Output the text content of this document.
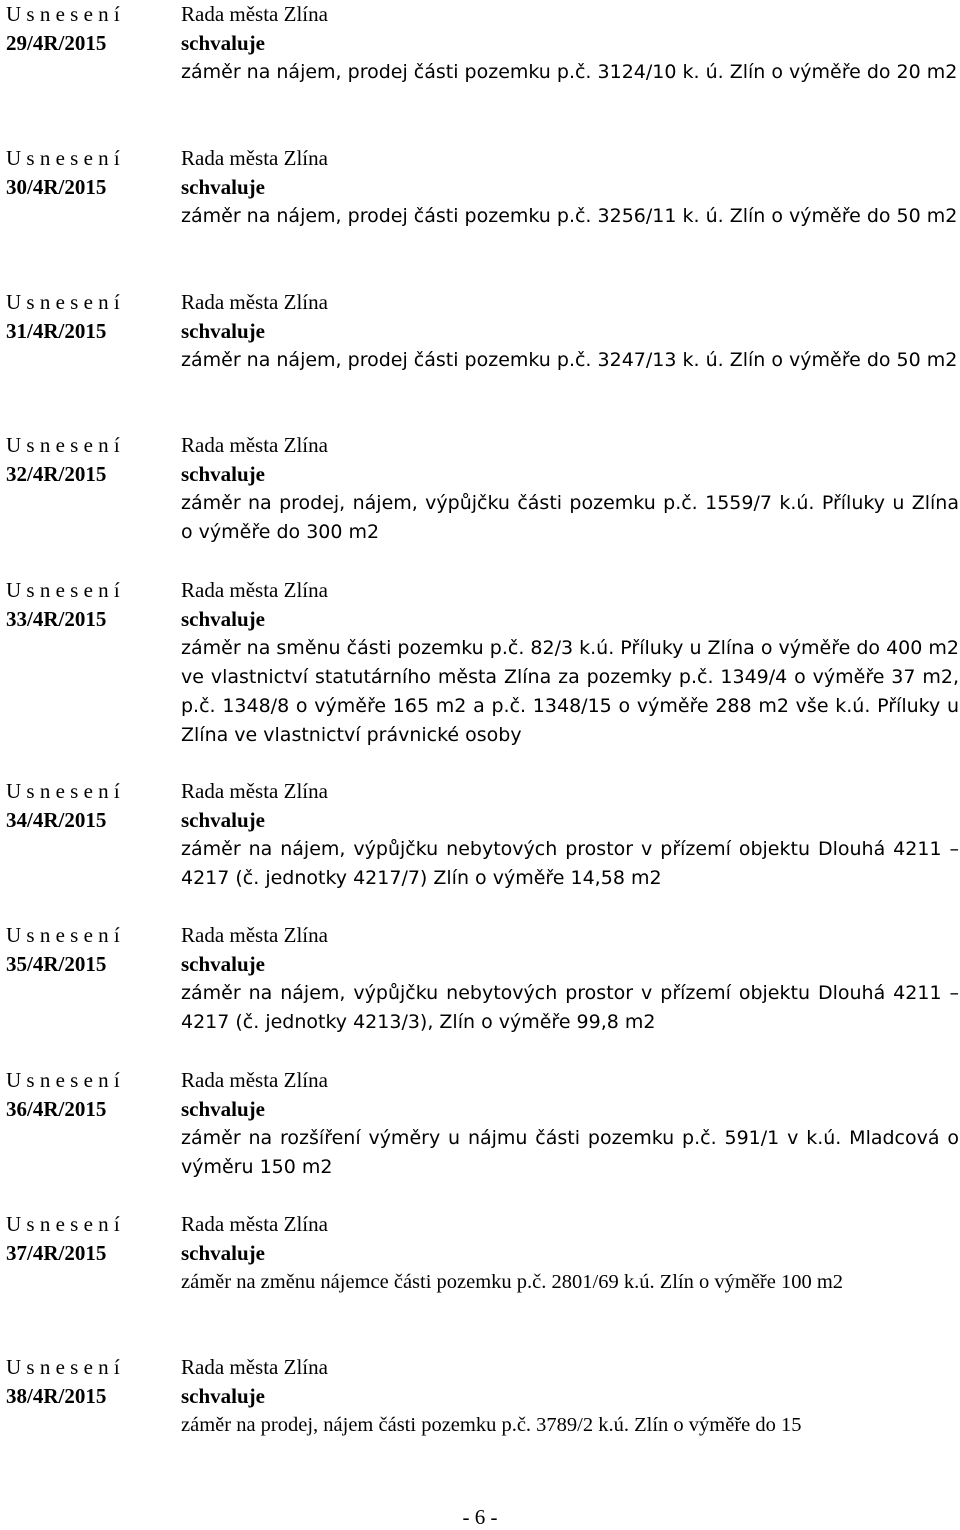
U s n e s e n í
29/4R/2015
Rada města Zlína
schvaluje
záměr na nájem, prodej části pozemku p.č. 3124/10 k. ú. Zlín o výměře do 20 m2
U s n e s e n í
30/4R/2015
Rada města Zlína
schvaluje
záměr na nájem, prodej části pozemku p.č. 3256/11 k. ú. Zlín o výměře do 50 m2
U s n e s e n í
31/4R/2015
Rada města Zlína
schvaluje
záměr na nájem, prodej části pozemku p.č. 3247/13 k. ú. Zlín o výměře do 50 m2
U s n e s e n í
32/4R/2015
Rada města Zlína
schvaluje
záměr na prodej, nájem, výpůjčku části pozemku p.č. 1559/7 k.ú. Příluky u Zlína o výměře do 300 m2
U s n e s e n í
33/4R/2015
Rada města Zlína
schvaluje
záměr na směnu části pozemku p.č. 82/3 k.ú. Příluky u Zlína o výměře do 400 m2 ve vlastnictví statutárního města Zlína za pozemky p.č. 1349/4 o výměře 37 m2, p.č. 1348/8 o výměře 165 m2 a p.č. 1348/15 o výměře 288 m2 vše k.ú. Příluky u Zlína ve vlastnictví právnické osoby
U s n e s e n í
34/4R/2015
Rada města Zlína
schvaluje
záměr na nájem, výpůjčku nebytových prostor v přízemí objektu Dlouhá 4211 – 4217 (č. jednotky 4217/7) Zlín o výměře 14,58 m2
U s n e s e n í
35/4R/2015
Rada města Zlína
schvaluje
záměr na nájem, výpůjčku nebytových prostor v přízemí objektu Dlouhá 4211 – 4217 (č. jednotky 4213/3), Zlín o výměře 99,8 m2
U s n e s e n í
36/4R/2015
Rada města Zlína
schvaluje
záměr na rozšíření výměry u nájmu části pozemku p.č. 591/1 v k.ú. Mladcová o výměru 150 m2
U s n e s e n í
37/4R/2015
Rada města Zlína
schvaluje
záměr na změnu nájemce části pozemku p.č. 2801/69 k.ú. Zlín o výměře 100 m2
U s n e s e n í
38/4R/2015
Rada města Zlína
schvaluje
záměr na prodej, nájem části pozemku p.č. 3789/2 k.ú. Zlín o výměře do 15
- 6 -
